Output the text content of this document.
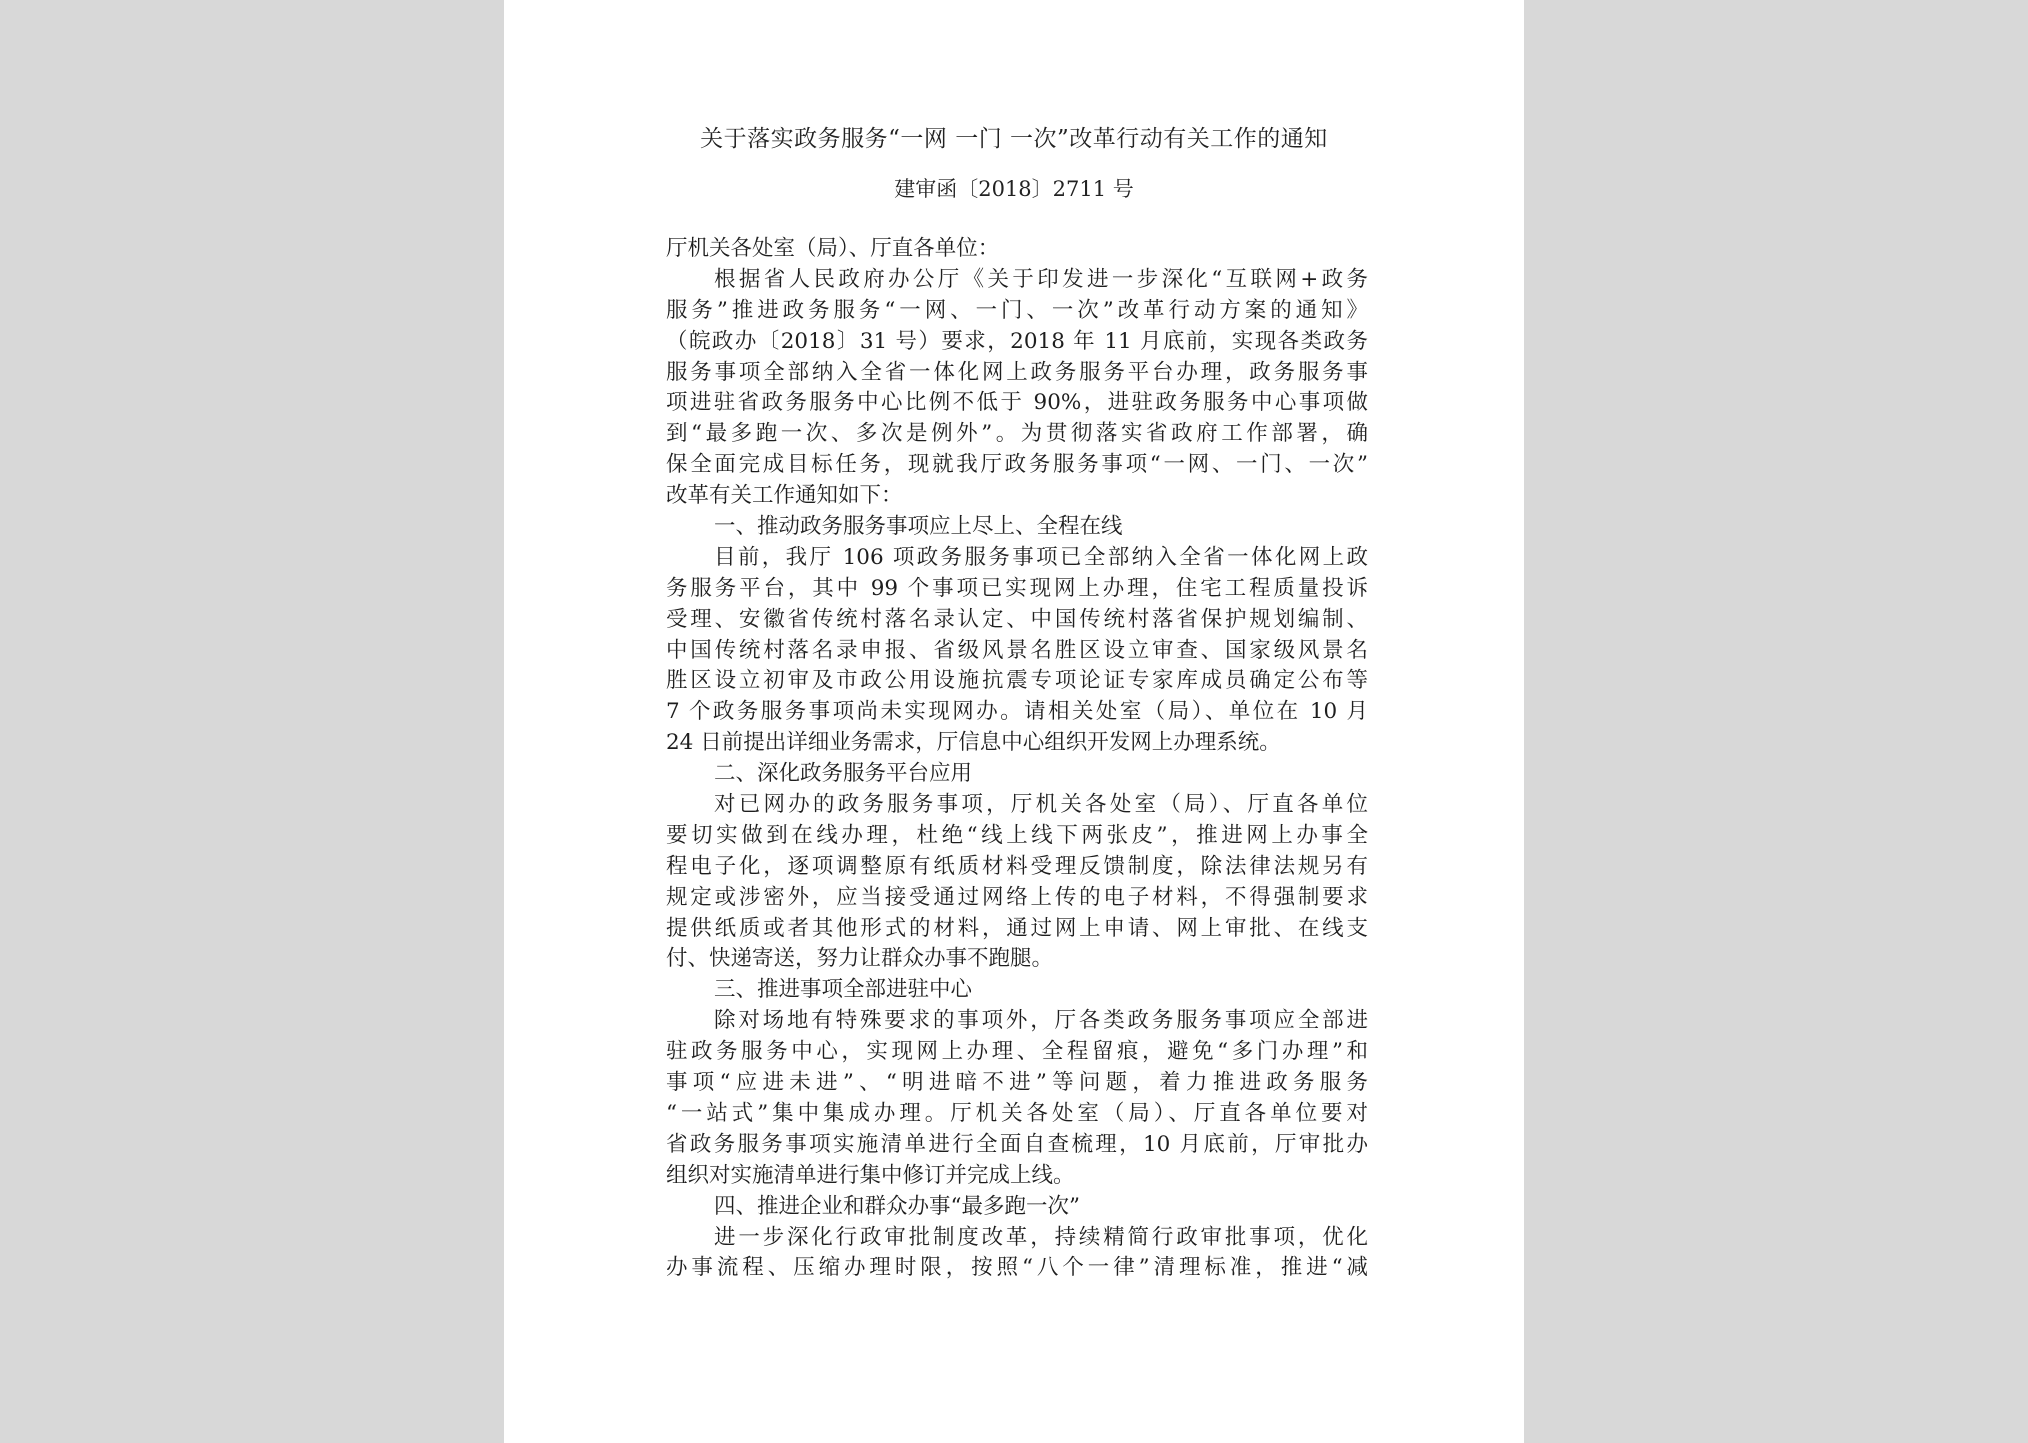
关于落实政务服务“一网 一门 一次”改革行动有关工作的通知
建审函〔2018〕2711 号
厅机关各处室（局）、厅直各单位：
根据省人民政府办公厅《关于印发进一步深化“互联网+政务
服务”推进政务服务“一网、一门、一次”改革行动方案的通知》
（皖政办〔2018〕31 号）要求，2018 年 11 月底前，实现各类政务
服务事项全部纳入全省一体化网上政务服务平台办理，政务服务事
项进驻省政务服务中心比例不低于 90%，进驻政务服务中心事项做
到“最多跑一次、多次是例外”。为贯彻落实省政府工作部署，确
保全面完成目标任务，现就我厅政务服务事项“一网、一门、一次”
改革有关工作通知如下：
一、推动政务服务事项应上尽上、全程在线
目前，我厅 106 项政务服务事项已全部纳入全省一体化网上政
务服务平台，其中 99 个事项已实现网上办理，住宅工程质量投诉
受理、安徽省传统村落名录认定、中国传统村落省保护规划编制、
中国传统村落名录申报、省级风景名胜区设立审查、国家级风景名
胜区设立初审及市政公用设施抗震专项论证专家库成员确定公布等
7 个政务服务事项尚未实现网办。请相关处室（局）、单位在 10 月
24 日前提出详细业务需求，厅信息中心组织开发网上办理系统。
二、深化政务服务平台应用
对已网办的政务服务事项，厅机关各处室（局）、厅直各单位
要切实做到在线办理，杜绝“线上线下两张皮”，推进网上办事全
程电子化，逐项调整原有纸质材料受理反馈制度，除法律法规另有
规定或涉密外，应当接受通过网络上传的电子材料，不得强制要求
提供纸质或者其他形式的材料，通过网上申请、网上审批、在线支
付、快递寄送，努力让群众办事不跑腿。
三、推进事项全部进驻中心
除对场地有特殊要求的事项外，厅各类政务服务事项应全部进
驻政务服务中心，实现网上办理、全程留痕，避免“多门办理”和
事项“应进未进”、“明进暗不进”等问题，着力推进政务服务
“一站式”集中集成办理。厅机关各处室（局）、厅直各单位要对
省政务服务事项实施清单进行全面自查梳理，10 月底前，厅审批办
组织对实施清单进行集中修订并完成上线。
四、推进企业和群众办事“最多跑一次”
进一步深化行政审批制度改革，持续精简行政审批事项，优化
办事流程、压缩办理时限，按照“八个一律”清理标准，推进“减
